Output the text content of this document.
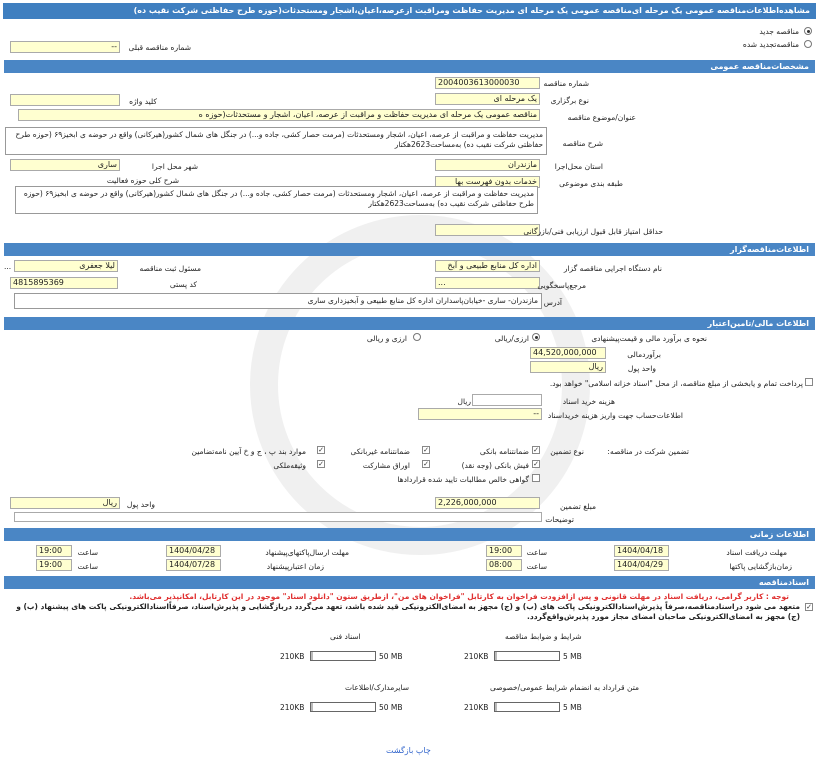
مشاهده‌اطلاعات‌مناقصه عمومی یک مرحله ای‌مناقصه عمومی یک مرحله ای مدیریت حفاظت ومراقبت ازعرصه،اعیان،اشجار ومستحدثات(حوزه طرح حفاظتی شرکت نقیب ده)
مناقصه جدید
مناقصه‌تجدید شده
شماره مناقصه قبلی
--
مشخصات‌مناقصه عمومی
2004003613000030	شماره مناقصه
یک مرحله ای	نوع برگزاری
کلید واژه
مناقصه عمومی یک مرحله ای مدیریت حفاظت و مراقبت از عرصه، اعیان، اشجار و مستحدثات(حوزه ه	عنوان/موضوع مناقصه
مدیریت حفاظت و مراقبت از عرصه، اعیان، اشجار ومستحدثات (مرمت حصار کشی، جاده و...) در جنگل های شمال کشور(هیرکانی) واقع در حوضه ی ابخیز۶۹ (حوزه طرح حفاظتی شرکت نقیب ده) به‌مساحت2623هکتار	شرح مناقصه
مازندران	استان محل‌اجرا
ساری	شهر محل اجرا
خدمات بدون فهرست بها	طبقه بندی موضوعی
شرح کلی حوزه فعالیت
مدیریت حفاظت و مراقبت از عرصه، اعیان، اشجار ومستحدثات (مرمت حصار کشی، جاده و...) در جنگل های شمال کشور(هیرکانی) واقع در حوضه ی ابخیز۶۹ (حوزه طرح حفاظتی شرکت نقیب ده) به‌مساحت2623هکتار
حداقل امتیاز قابل قبول ارزیابی فنی/بازرگانی
اطلاعات‌مناقصه‌گزار
اداره کل منابع طبیعی و آبخ	نام دستگاه اجرایی مناقصه گزار
لیلا جعفری	مسئول ثبت مناقصه
...
...	مرجع‌پاسخگویی
4815895369	کد پستی
مازندران- ساری -خیابان‌پاسداران اداره کل منابع طبیعی و آبخیزداری ساری آدرس
اطلاعات مالی/تامین‌اعتبار
نحوه ی برآورد مالی و قیمت‌پیشنهادی
ارزی/ریالی
ارزی و ریالی
44,520,000,000	برآوردمالی
ریال	واحد پول
پرداخت تمام و یابخشی از مبلغ مناقصه، از محل "اسناد خزانه اسلامی" خواهد بود.
ریال	هزینه خرید اسناد
--	اطلاعات‌حساب جهت واریز هزینه خریداسناد
تضمین شرکت در مناقصه:
نوع تضمین
✓
ضمانتنامه بانکی
✓
ضمانتنامه غیربانکی
✓
موارد بند پ ، ج و خ آیین نامه‌تضامین
✓
فیش بانکی (وجه نقد)
✓
اوراق مشارکت
✓
وثیقه‌ملکی
گواهی خالص مطالبات تایید شده قراردادها
2,226,000,000	مبلغ تضمین
ریال	واحد پول
توضیحات
اطلاعات زمانی
1404/04/18	مهلت دریافت اسناد
19:00	ساعت
1404/04/28	مهلت ارسال‌پاکتهای‌پیشنهاد
19:00	ساعت
1404/04/29	زمان‌بازگشایی پاکتها
08:00	ساعت
1404/07/28	زمان اعتبارپیشنهاد
19:00	ساعت
اسنادمناقصه
توجه : کاربر گرامی، دریافت اسناد در مهلت قانونی و پس ازافزودت فراخوان به کارتابل "فراخوان های من"، ازطریق ستون "دانلود اسناد" موجود در این کارتابل، امکانپذیر می‌باشد.
✓
متعهد می شود دراسنادمناقصه،صرفاً پذیرش‌اسنادالکترونیکی پاکت های (ب) و (ج) مجهز به امضای‌الکترونیکی قید شده باشد، تعهد می‌گردد دربازگشایی و پذیرش‌اسناد، صرفاًاسنادالکترونیکی پاکت های پیشنهاد (ب) و (ج) مجهز به امضای‌الکترونیکی صاحبان امضای مجاز مورد پذیرش‌واقع‌گردد.
شرایط و ضوابط مناقصه
210KB	5 MB
اسناد فنی
210KB	50 MB
متن قرارداد به انضمام شرایط عمومی/خصوصی
210KB	5 MB
سایرمدارک/اطلاعات
210KB	50 MB
چاپ بازگشت
